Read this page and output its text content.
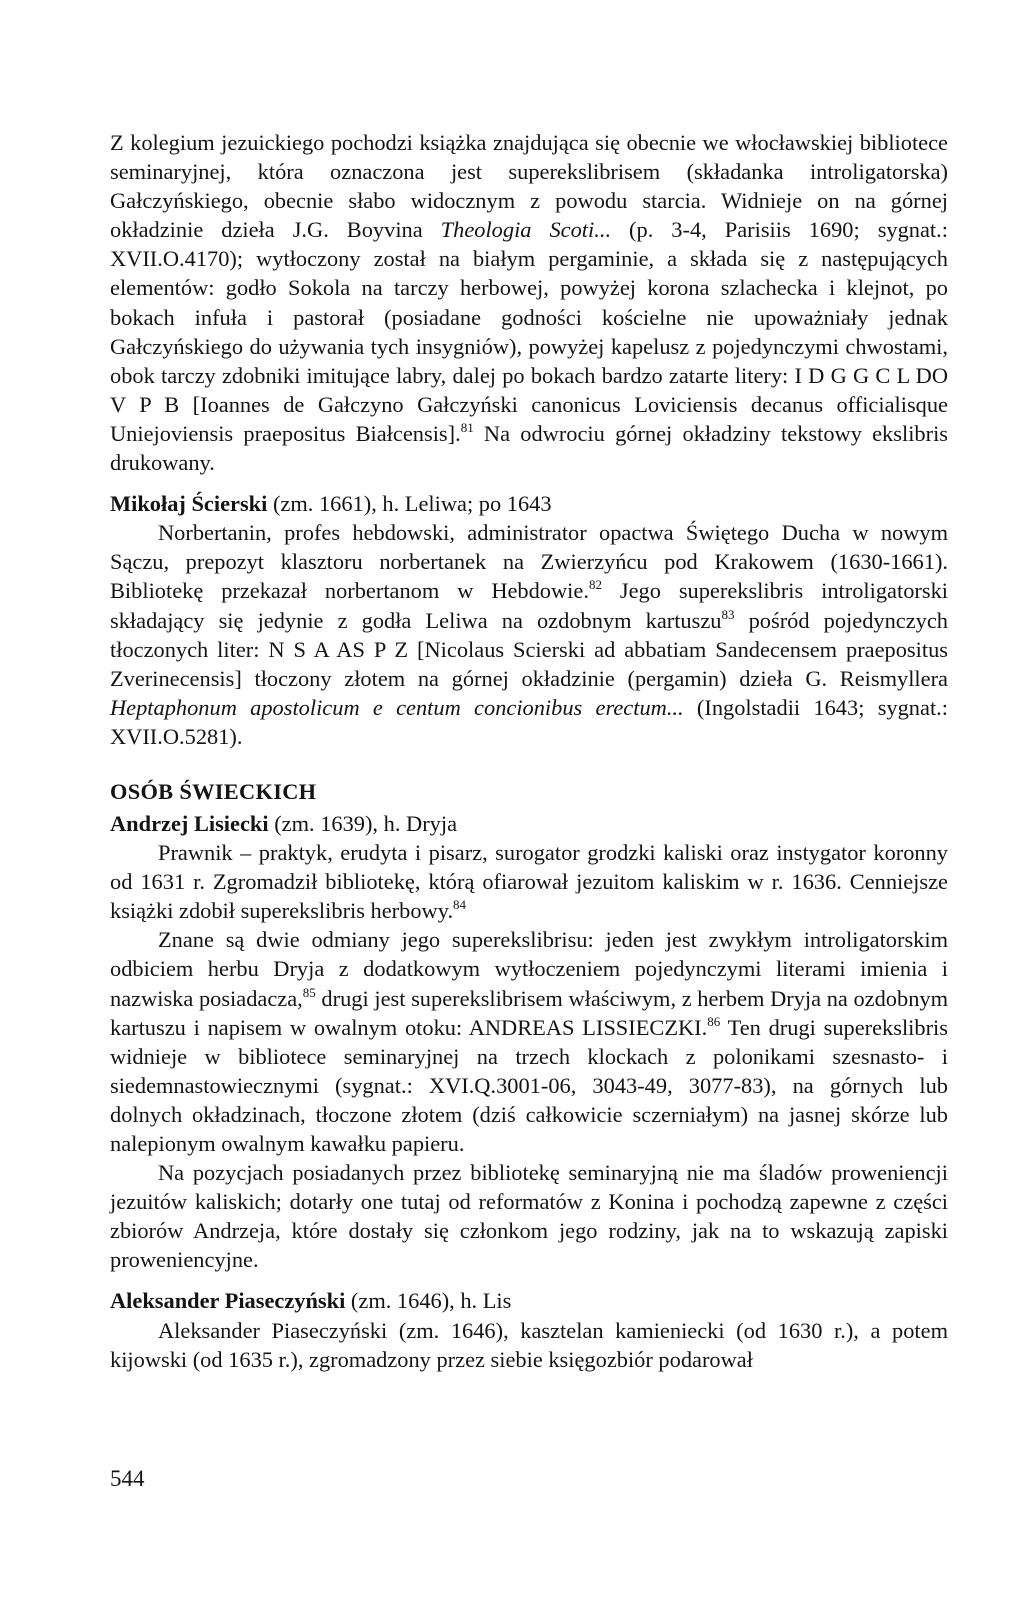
Z kolegium jezuickiego pochodzi książka znajdująca się obecnie we włocławskiej bibliotece seminaryjnej, która oznaczona jest superekslibrisem (składanka introligatorska) Gałczyńskiego, obecnie słabo widocznym z powodu starcia. Widnieje on na górnej okładzinie dzieła J.G. Boyvina Theologia Scoti... (p. 3-4, Parisiis 1690; sygnat.: XVII.O.4170); wytłoczony został na białym pergaminie, a składa się z następujących elementów: godło Sokola na tarczy herbowej, powyżej korona szlachecka i klejnot, po bokach infuła i pastorał (posiadane godności kościelne nie upoważniały jednak Gałczyńskiego do używania tych insygniów), powyżej kapelusz z pojedynczymi chwostami, obok tarczy zdobniki imitujące labry, dalej po bokach bardzo zatarte litery: I D G G C L DO V P B [Ioannes de Gałczyno Gałczyński canonicus Loviciensis decanus officialisque Uniejoviensis praepositus Białcensis].$^{81}$ Na odwrociu górnej okładziny tekstowy ekslibris drukowany.

Mikołaj Ścierski (zm. 1661), h. Leliwa; po 1643

Norbertanin, profes hebdowski, administrator opactwa Świętego Ducha w nowym Sączu, prepozyt klasztoru norbertanek na Zwierzyńcu pod Krakowem (1630-1661). Bibliotekę przekazał norbertanom w Hebdowie.$^{82}$ Jego superekslibris introligatorski składający się jedynie z godła Leliwa na ozdobnym kartuszu$^{83}$ pośród pojedynczych tłoczonych liter: N S A AS P Z [Nicolaus Scierski ad abbatiam Sandecensem praepositus Zverinecensis] tłoczony złotem na górnej okładzinie (pergamin) dzieła G. Reismyllera Heptaphonum apostolicum e centum concionibus erectum... (Ingolstadii 1643; sygnat.: XVII.O.5281).

OSÓB ŚWIECKICH
Andrzej Lisiecki (zm. 1639), h. Dryja

Prawnik – praktyk, erudyta i pisarz, surogator grodzki kaliski oraz instygator koronny od 1631 r. Zgromadził bibliotekę, którą ofiarował jezuitom kaliskim w r. 1636. Cenniejsze książki zdobił superekslibris herbowy.$^{84}$

Znane są dwie odmiany jego superekslibrisu: jeden jest zwykłym introligatorskim odbiciem herbu Dryja z dodatkowym wytłoczeniem pojedynczymi literami imienia i nazwiska posiadacza,$^{85}$ drugi jest superekslibrisem właściwym, z herbem Dryja na ozdobnym kartuszu i napisem w owalnym otoku: ANDREAS LISSIECZKI.$^{86}$ Ten drugi superekslibris widnieje w bibliotece seminaryjnej na trzech klockach z polonikami szesnasto- i siedemnastowiecznymi (sygnat.: XVI.Q.3001-06, 3043-49, 3077-83), na górnych lub dolnych okładzinach, tłoczone złotem (dziś całkowicie sczerniałym) na jasnej skórze lub nalepionym owalnym kawałku papieru.

Na pozycjach posiadanych przez bibliotekę seminaryjną nie ma śladów proweniencji jezuitów kaliskich; dotarły one tutaj od reformatów z Konina i pochodzą zapewne z części zbiorów Andrzeja, które dostały się członkom jego rodziny, jak na to wskazują zapiski proweniencyjne.

Aleksander Piaseczyński (zm. 1646), h. Lis

Aleksander Piaseczyński (zm. 1646), kasztelan kamieniecki (od 1630 r.), a potem kijowski (od 1635 r.), zgromadzony przez siebie księgozbiór podarował

544
